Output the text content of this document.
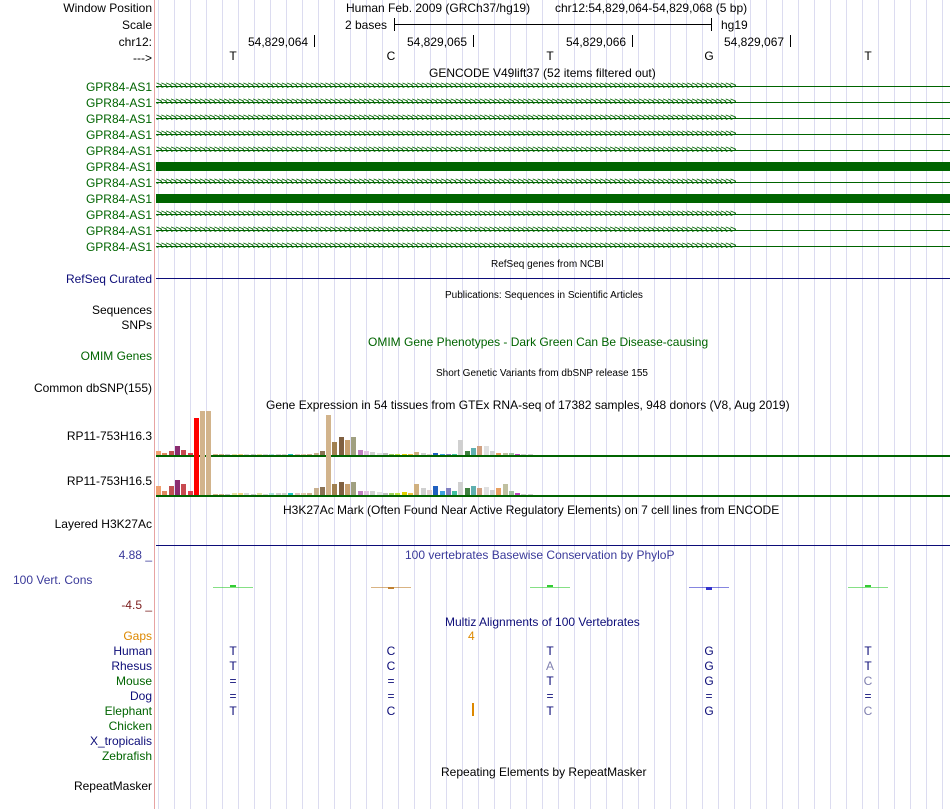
Window Position	Human Feb. 2009 (GRCh37/hg19) chr12:54,829,064-54,829,068 (5 bp)
Scale	2 bases	hg19
chr12:	54,829,064	54,829,065	54,829,066	54,829,067
--->	T	C	T	G	T
GENCODE V49lift37 (52 items filtered out)
GPR84-AS1 >>>>>>>>>>>>>>>>>>>>>>>>>>>>>>>>>>>>>>>>>>>>>>>>>>>>>>>>>>>>>>>>>>>>>>>>>>>>>>>>>>>>>>>>>>>>>>>>>>>>>>>>>>>>>>>>>>>>>>>>
GPR84-AS1 >>>>>>>>>>>>>>>>>>>>>>>>>>>>>>>>>>>>>>>>>>>>>>>>>>>>>>>>>>>>>>>>>>>>>>>>>>>>>>>>>>>>>>>>>>>>>>>>>>>>>>>>>>>>>>>>>>>>>>>>
GPR84-AS1 >>>>>>>>>>>>>>>>>>>>>>>>>>>>>>>>>>>>>>>>>>>>>>>>>>>>>>>>>>>>>>>>>>>>>>>>>>>>>>>>>>>>>>>>>>>>>>>>>>>>>>>>>>>>>>>>>>>>>>>>
GPR84-AS1 >>>>>>>>>>>>>>>>>>>>>>>>>>>>>>>>>>>>>>>>>>>>>>>>>>>>>>>>>>>>>>>>>>>>>>>>>>>>>>>>>>>>>>>>>>>>>>>>>>>>>>>>>>>>>>>>>>>>>>>>
GPR84-AS1 >>>>>>>>>>>>>>>>>>>>>>>>>>>>>>>>>>>>>>>>>>>>>>>>>>>>>>>>>>>>>>>>>>>>>>>>>>>>>>>>>>>>>>>>>>>>>>>>>>>>>>>>>>>>>>>>>>>>>>>>
GPR84-AS1
GPR84-AS1 >>>>>>>>>>>>>>>>>>>>>>>>>>>>>>>>>>>>>>>>>>>>>>>>>>>>>>>>>>>>>>>>>>>>>>>>>>>>>>>>>>>>>>>>>>>>>>>>>>>>>>>>>>>>>>>>>>>>>>>>
GPR84-AS1
GPR84-AS1 >>>>>>>>>>>>>>>>>>>>>>>>>>>>>>>>>>>>>>>>>>>>>>>>>>>>>>>>>>>>>>>>>>>>>>>>>>>>>>>>>>>>>>>>>>>>>>>>>>>>>>>>>>>>>>>>>>>>>>>>
GPR84-AS1 >>>>>>>>>>>>>>>>>>>>>>>>>>>>>>>>>>>>>>>>>>>>>>>>>>>>>>>>>>>>>>>>>>>>>>>>>>>>>>>>>>>>>>>>>>>>>>>>>>>>>>>>>>>>>>>>>>>>>>>>
GPR84-AS1 >>>>>>>>>>>>>>>>>>>>>>>>>>>>>>>>>>>>>>>>>>>>>>>>>>>>>>>>>>>>>>>>>>>>>>>>>>>>>>>>>>>>>>>>>>>>>>>>>>>>>>>>>>>>>>>>>>>>>>>>
RefSeq genes from NCBI
RefSeq Curated
Publications: Sequences in Scientific Articles
Sequences
SNPs
OMIM Gene Phenotypes - Dark Green Can Be Disease-causing
OMIM Genes
Short Genetic Variants from dbSNP release 155
Common dbSNP(155)
Gene Expression in 54 tissues from GTEx RNA-seq of 17382 samples, 948 donors (V8, Aug 2019)
RP11-753H16.3
RP11-753H16.5
H3K27Ac Mark (Often Found Near Active Regulatory Elements) on 7 cell lines from ENCODE
Layered H3K27Ac
4.88 _	100 vertebrates Basewise Conservation by PhyloP
100 Vert. Cons
-4.5 _
Multiz Alignments of 100 Vertebrates
Gaps	4
Human	T	C	T	G	T
Rhesus	T	C	A	G	T
Mouse	=	=	T	G	C
Dog	=	=	=	=	=
Elephant	T	C	T	G	C
Chicken
X_tropicalis
Zebrafish
Repeating Elements by RepeatMasker
RepeatMasker
